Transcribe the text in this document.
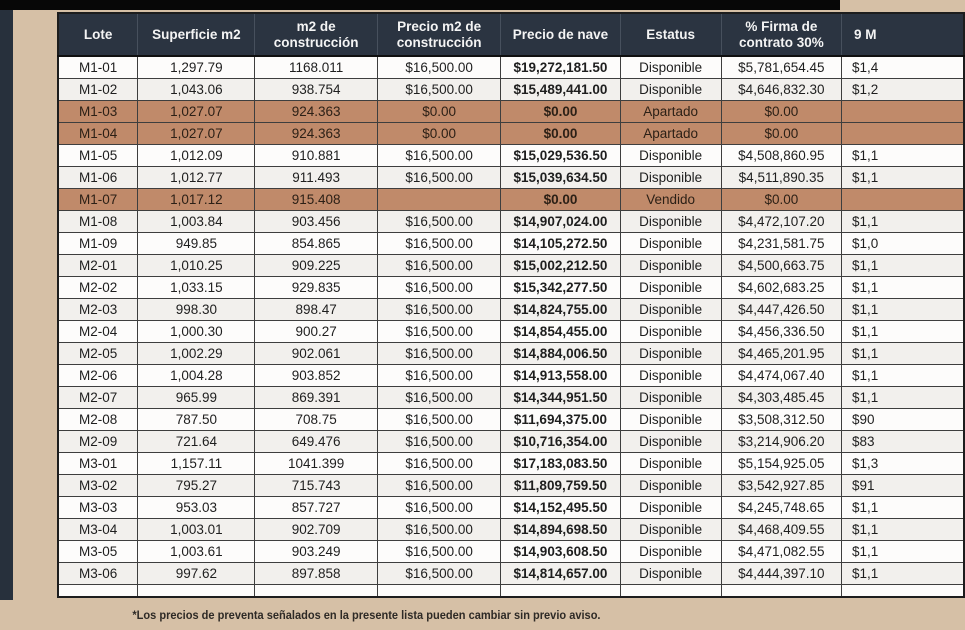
Lote	Superficie m2	m2 de construcción	Precio m2 de construcción	Precio de nave	Estatus	% Firma de contrato 30%	9 M
M1-01	1,297.79	1168.011	$16,500.00	$19,272,181.50	Disponible	$5,781,654.45	$1,4
M1-02	1,043.06	938.754	$16,500.00	$15,489,441.00	Disponible	$4,646,832.30	$1,2
M1-03	1,027.07	924.363	$0.00	$0.00	Apartado	$0.00	
M1-04	1,027.07	924.363	$0.00	$0.00	Apartado	$0.00	
M1-05	1,012.09	910.881	$16,500.00	$15,029,536.50	Disponible	$4,508,860.95	$1,1
M1-06	1,012.77	911.493	$16,500.00	$15,039,634.50	Disponible	$4,511,890.35	$1,1
M1-07	1,017.12	915.408		$0.00	Vendido	$0.00	
M1-08	1,003.84	903.456	$16,500.00	$14,907,024.00	Disponible	$4,472,107.20	$1,1
M1-09	949.85	854.865	$16,500.00	$14,105,272.50	Disponible	$4,231,581.75	$1,0
M2-01	1,010.25	909.225	$16,500.00	$15,002,212.50	Disponible	$4,500,663.75	$1,1
M2-02	1,033.15	929.835	$16,500.00	$15,342,277.50	Disponible	$4,602,683.25	$1,1
M2-03	998.30	898.47	$16,500.00	$14,824,755.00	Disponible	$4,447,426.50	$1,1
M2-04	1,000.30	900.27	$16,500.00	$14,854,455.00	Disponible	$4,456,336.50	$1,1
M2-05	1,002.29	902.061	$16,500.00	$14,884,006.50	Disponible	$4,465,201.95	$1,1
M2-06	1,004.28	903.852	$16,500.00	$14,913,558.00	Disponible	$4,474,067.40	$1,1
M2-07	965.99	869.391	$16,500.00	$14,344,951.50	Disponible	$4,303,485.45	$1,1
M2-08	787.50	708.75	$16,500.00	$11,694,375.00	Disponible	$3,508,312.50	$90
M2-09	721.64	649.476	$16,500.00	$10,716,354.00	Disponible	$3,214,906.20	$83
M3-01	1,157.11	1041.399	$16,500.00	$17,183,083.50	Disponible	$5,154,925.05	$1,3
M3-02	795.27	715.743	$16,500.00	$11,809,759.50	Disponible	$3,542,927.85	$91
M3-03	953.03	857.727	$16,500.00	$14,152,495.50	Disponible	$4,245,748.65	$1,1
M3-04	1,003.01	902.709	$16,500.00	$14,894,698.50	Disponible	$4,468,409.55	$1,1
M3-05	1,003.61	903.249	$16,500.00	$14,903,608.50	Disponible	$4,471,082.55	$1,1
M3-06	997.62	897.858	$16,500.00	$14,814,657.00	Disponible	$4,444,397.10	$1,1

*Los precios de preventa señalados en la presente lista pueden cambiar sin previo aviso.
